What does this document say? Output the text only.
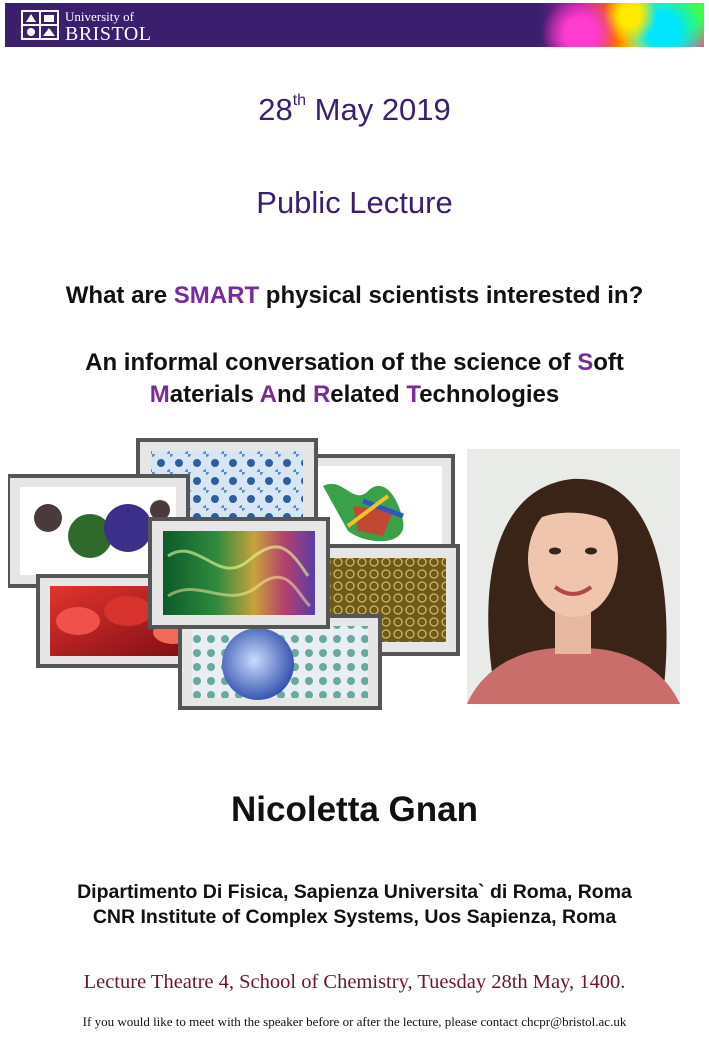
University of
BRISTOL
28th May 2019
Public Lecture
What are SMART physical scientists interested in?
An informal conversation of the science of Soft
Materials And Related Technologies
Nicoletta Gnan
Dipartimento Di Fisica, Sapienza Universita` di Roma, Roma
CNR Institute of Complex Systems, Uos Sapienza, Roma
Lecture Theatre 4, School of Chemistry, Tuesday 28th May, 1400.
If you would like to meet with the speaker before or after the lecture, please contact chcpr@bristol.ac.uk
